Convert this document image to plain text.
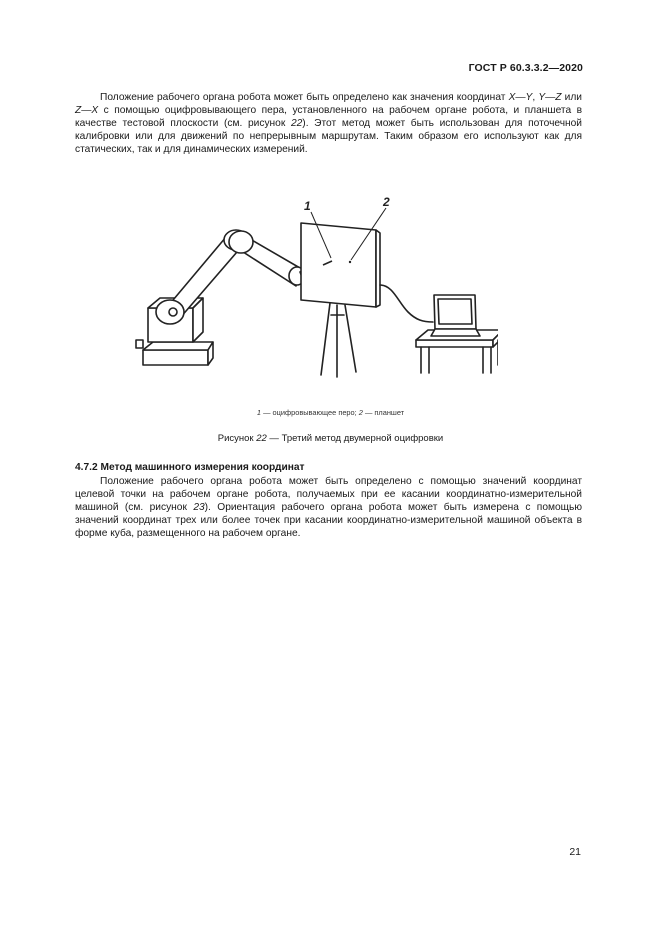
ГОСТ Р 60.3.3.2—2020

Положение рабочего органа робота может быть определено как значения координат X—Y, Y—Z или Z—X с помощью оцифровывающего пера, установленного на рабочем органе робота, и планшета в качестве тестовой плоскости (см. рисунок 22). Этот метод может быть использован для поточечной калибровки или для движений по непрерывным маршрутам. Таким образом его используют как для статических, так и для динамических измерений.

1	2
1 — оцифровывающее перо; 2 — планшет
Рисунок 22 — Третий метод двумерной оцифровки
4.7.2 Метод машинного измерения координат

Положение рабочего органа робота может быть определено с помощью значений координат целевой точки на рабочем органе робота, получаемых при ее касании координатно-измерительной машиной (см. рисунок 23). Ориентация рабочего органа робота может быть измерена с помощью значений координат трех или более точек при касании координатно-измерительной машиной объекта в форме куба, размещенного на рабочем органе.

21
